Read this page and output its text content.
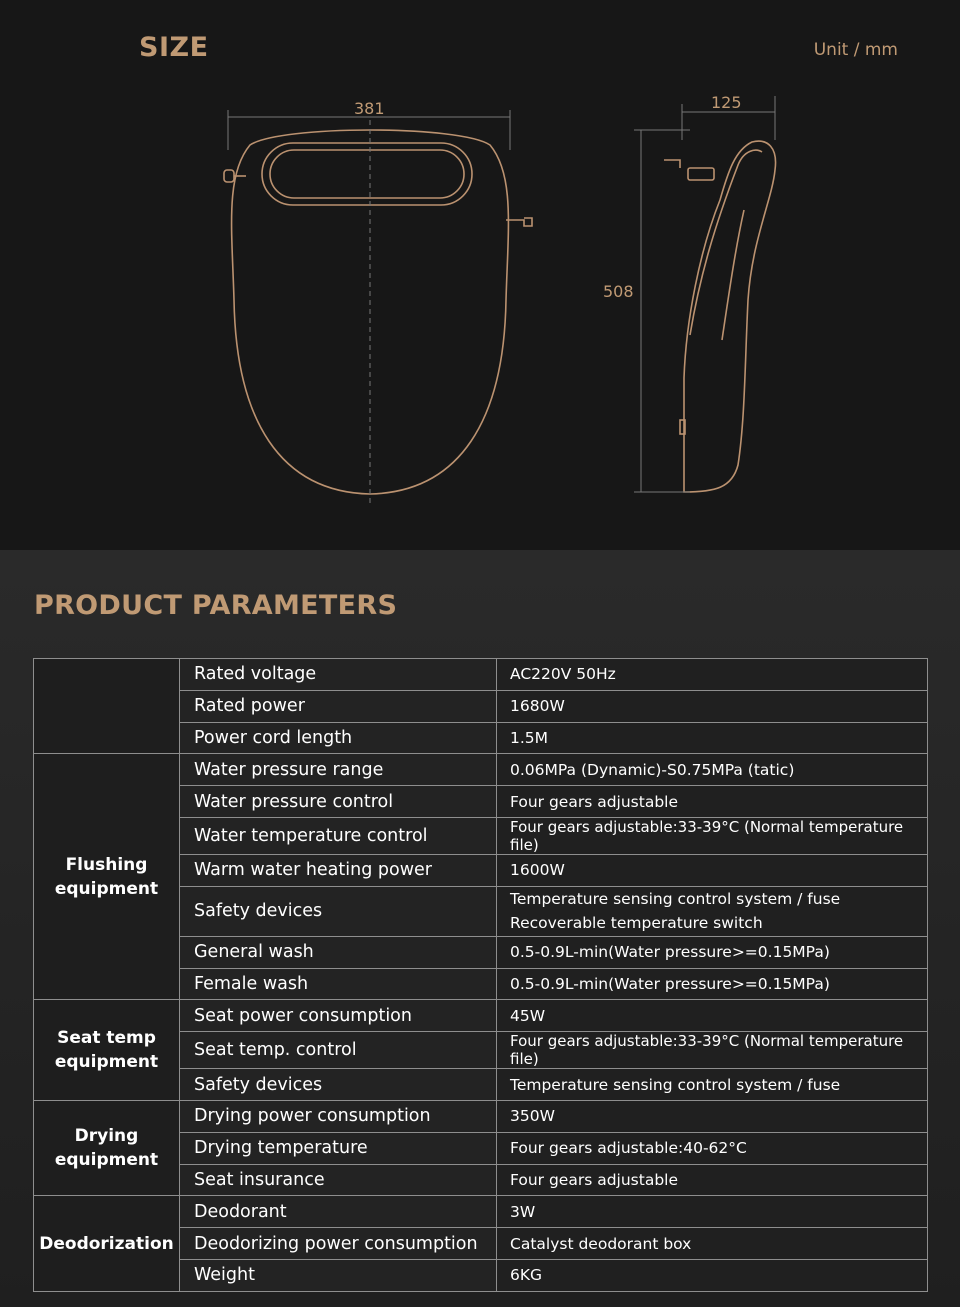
SIZE	Unit / mm
381	125
508
PRODUCT PARAMETERS
	Rated voltage	AC220V 50Hz
	Rated power	1680W
	Power cord length	1.5M
Flushing equipment	Water pressure range	0.06MPa (Dynamic)-S0.75MPa (tatic)
	Water pressure control	Four gears adjustable
	Water temperature control	Four gears adjustable:33-39°C (Normal temperature file)
	Warm water heating power	1600W
	Safety devices	Temperature sensing control system / fuse
Recoverable temperature switch

	General wash	0.5-0.9L-min(Water pressure>=0.15MPa)
	Female wash	0.5-0.9L-min(Water pressure>=0.15MPa)
Seat temp equipment	Seat power consumption	45W
	Seat temp. control	Four gears adjustable:33-39°C (Normal temperature file)
	Safety devices	Temperature sensing control system / fuse
Drying equipment	Drying power consumption	350W
	Drying temperature	Four gears adjustable:40-62°C
	Seat insurance	Four gears adjustable
Deodorization	Deodorant	3W
	Deodorizing power consumption	Catalyst deodorant box
	Weight	6KG
